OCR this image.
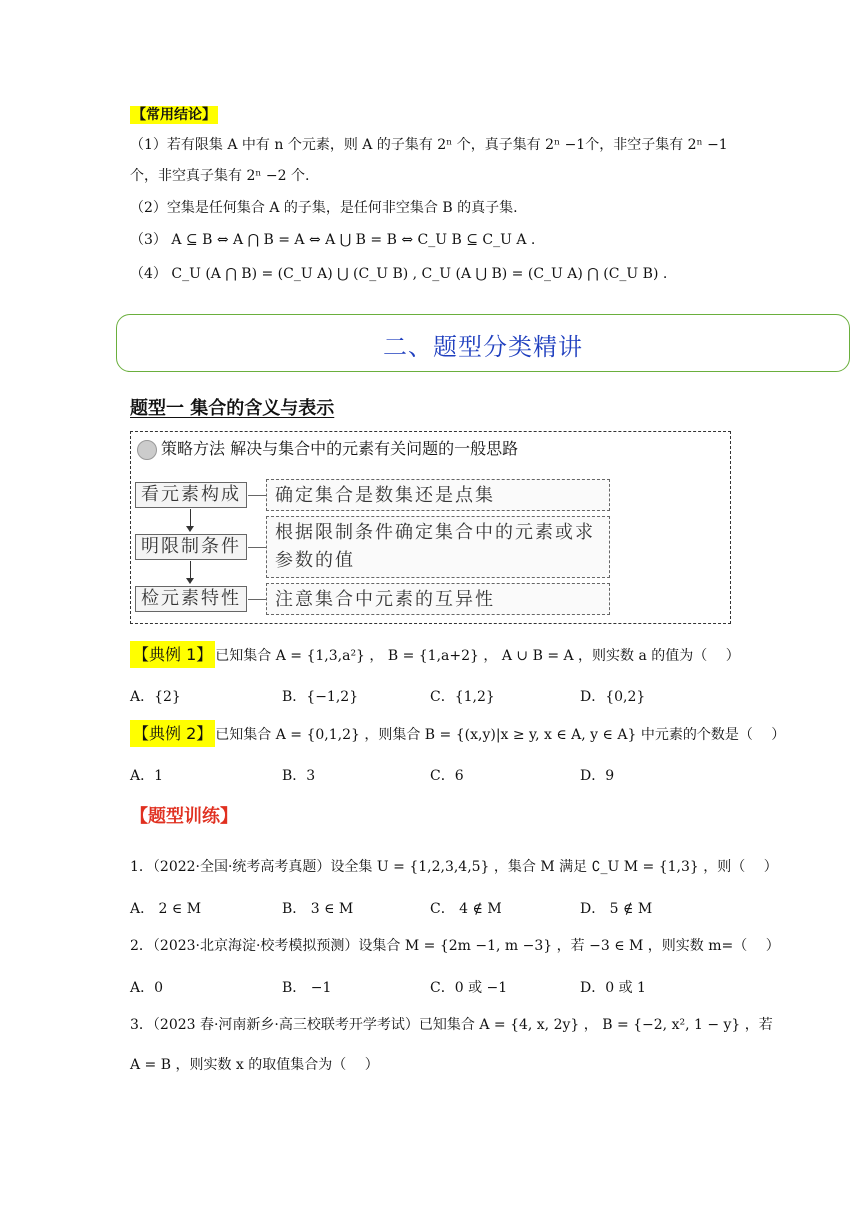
【常用结论】
（1）若有限集 A 中有 n 个元素，则 A 的子集有 2ⁿ 个，真子集有 2ⁿ −1个，非空子集有 2ⁿ −1
个，非空真子集有 2ⁿ −2 个.
（2）空集是任何集合 A 的子集，是任何非空集合 B 的真子集.
（3） A ⊆ B ⇔ A ⋂ B = A ⇔ A ⋃ B = B ⇔ C_U B ⊆ C_U A .
（4） C_U (A ⋂ B) = (C_U A) ⋃ (C_U B) , C_U (A ⋃ B) = (C_U A) ⋂ (C_U B) .
二、题型分类精讲
题型一 集合的含义与表示
策略方法 解决与集合中的元素有关问题的一般思路
看元素构成
明限制条件
检元素特性
确定集合是数集还是点集
根据限制条件确定集合中的元素或求参数的值
注意集合中元素的互异性
【典例 1】 已知集合 A = {1,3,a²} ， B = {1,a+2} ， A ∪ B = A ，则实数 a 的值为（　 ）
A．{2}	B．{−1,2}	C．{1,2}	D．{0,2}
【典例 2】 已知集合 A = {0,1,2} ，则集合 B = {(x,y)|x ≥ y, x ∈ A, y ∈ A} 中元素的个数是（　 ）
A．1	B．3	C．6	D．9
【题型训练】
1．（2022·全国·统考高考真题）设全集 U = {1,2,3,4,5} ，集合 M 满足 ∁_U M = {1,3} ，则（　 ）
A． 2 ∈ M	B． 3 ∈ M	C． 4 ∉ M	D． 5 ∉ M
2．（2023·北京海淀·校考模拟预测）设集合 M = {2m −1, m −3} ，若 −3 ∈ M ，则实数 m=（　 ）
A．0	B． −1	C．0 或 −1	D．0 或 1
3．（2023 春·河南新乡·高三校联考开学考试）已知集合 A = {4, x, 2y} ， B = {−2, x², 1 − y} ，若
A = B ，则实数 x 的取值集合为（　 ）
